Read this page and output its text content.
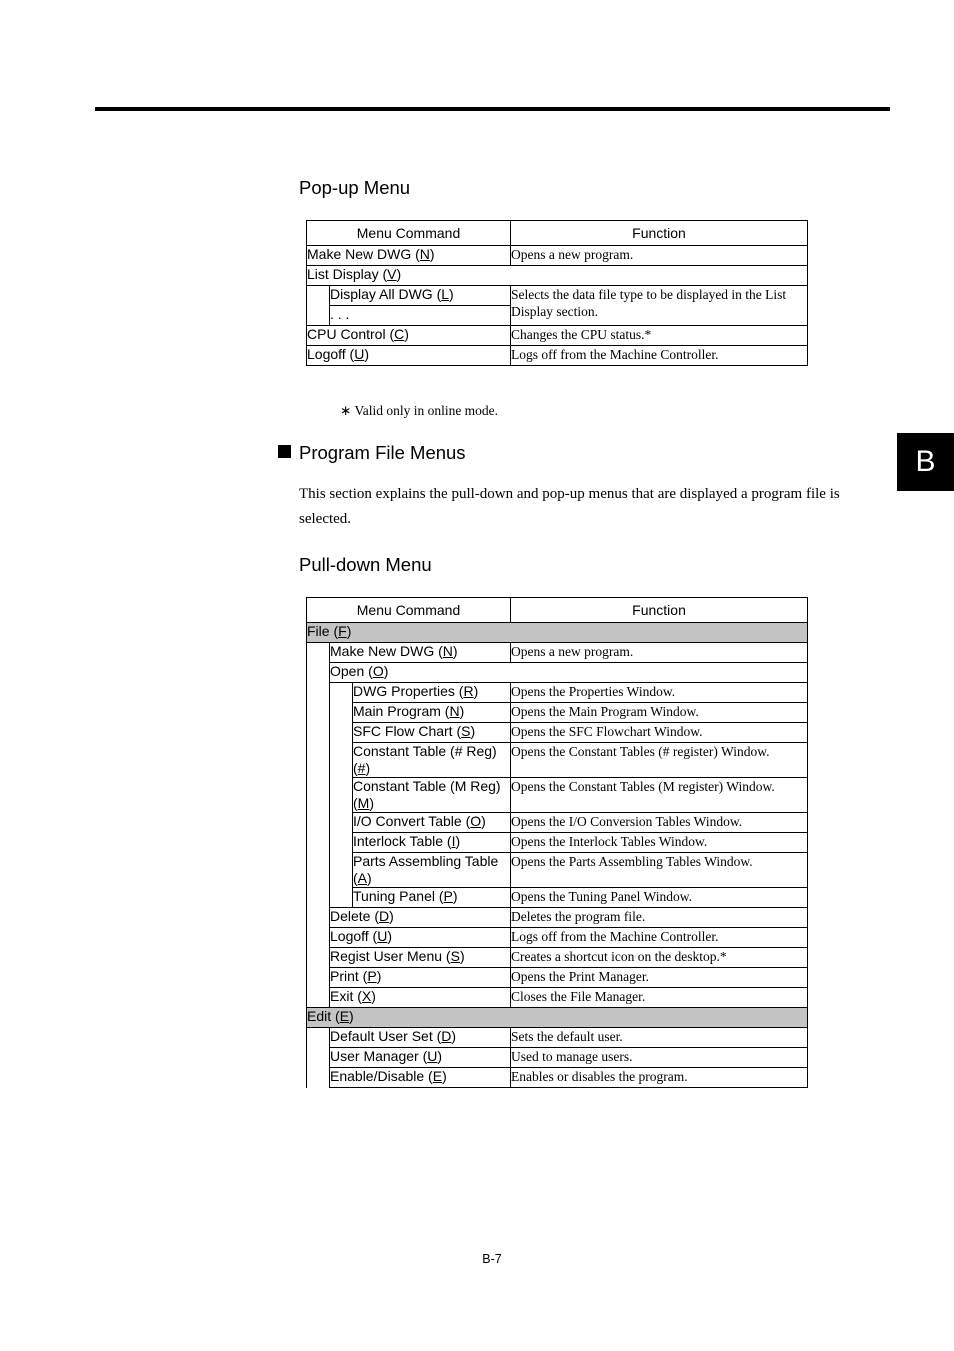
B
Pop-up Menu
Menu Command		Function
Make New DWG (N)		Opens a new program.
List Display (V)		
	Display All DWG (L)	Selects the data file type to be displayed in the List Display section.
	. . .	
CPU Control (C)		Changes the CPU status.*
Logoff (U)		Logs off from the Machine Controller.
∗ Valid only in online mode.
Program File Menus

This section explains the pull-down and pop-up menus that are displayed a program file is selected.

Pull-down Menu
Menu Command			Function
File (F)			
	Make New DWG (N)		Opens a new program.
	Open (O)		
		DWG Properties (R)	Opens the Properties Window.
		Main Program (N)	Opens the Main Program Window.
		SFC Flow Chart (S)	Opens the SFC Flowchart Window.
		Constant Table (# Reg) (#)	Opens the Constant Tables (# register) Window.
		Constant Table (M Reg) (M)	Opens the Constant Tables (M register) Window.
		I/O Convert Table (O)	Opens the I/O Conversion Tables Window.
		Interlock Table (I)	Opens the Interlock Tables Window.
		Parts Assembling Table (A)	Opens the Parts Assembling Tables Window.
		Tuning Panel (P)	Opens the Tuning Panel Window.
	Delete (D)		Deletes the program file.
	Logoff (U)		Logs off from the Machine Controller.
	Regist User Menu (S)		Creates a shortcut icon on the desktop.*
	Print (P)		Opens the Print Manager.
	Exit (X)		Closes the File Manager.
Edit (E)			
	Default User Set (D)		Sets the default user.
	User Manager (U)		Used to manage users.
	Enable/Disable (E)		Enables or disables the program.
B-7
